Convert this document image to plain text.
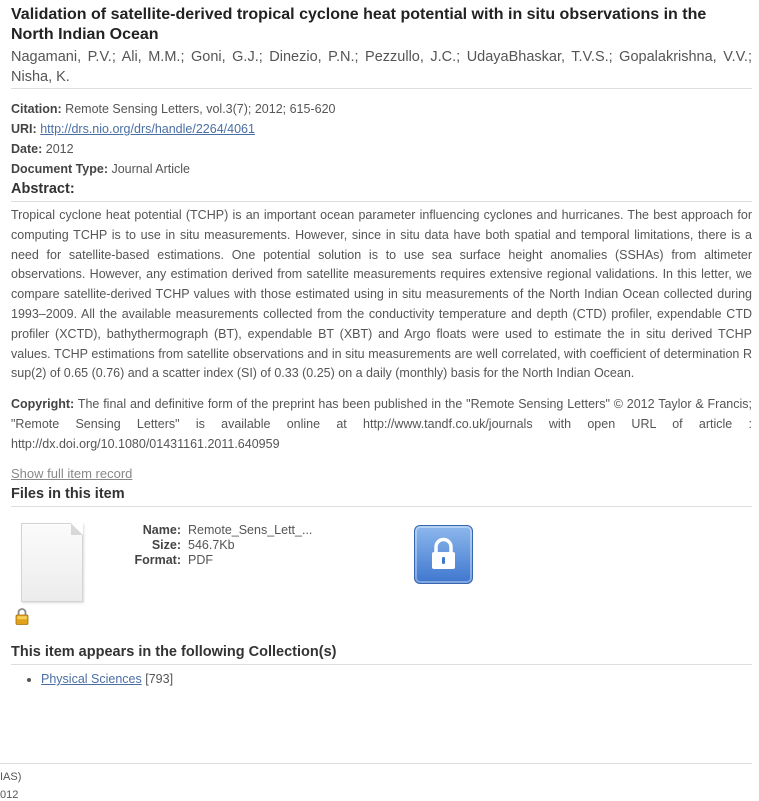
Validation of satellite-derived tropical cyclone heat potential with in situ observations in the North Indian Ocean
Nagamani, P.V.; Ali, M.M.; Goni, G.J.; Dinezio, P.N.; Pezzullo, J.C.; UdayaBhaskar, T.V.S.; Gopalakrishna, V.V.; Nisha, K.
Citation: Remote Sensing Letters, vol.3(7); 2012; 615-620
URI: http://drs.nio.org/drs/handle/2264/4061
Date: 2012
Document Type: Journal Article
Abstract:
Tropical cyclone heat potential (TCHP) is an important ocean parameter influencing cyclones and hurricanes. The best approach for computing TCHP is to use in situ measurements. However, since in situ data have both spatial and temporal limitations, there is a need for satellite-based estimations. One potential solution is to use sea surface height anomalies (SSHAs) from altimeter observations. However, any estimation derived from satellite measurements requires extensive regional validations. In this letter, we compare satellite-derived TCHP values with those estimated using in situ measurements of the North Indian Ocean collected during 1993–2009. All the available measurements collected from the conductivity temperature and depth (CTD) profiler, expendable CTD profiler (XCTD), bathythermograph (BT), expendable BT (XBT) and Argo floats were used to estimate the in situ derived TCHP values. TCHP estimations from satellite observations and in situ measurements are well correlated, with coefficient of determination R sup(2) of 0.65 (0.76) and a scatter index (SI) of 0.33 (0.25) on a daily (monthly) basis for the North Indian Ocean.
Copyright: The final and definitive form of the preprint has been published in the "Remote Sensing Letters" © 2012 Taylor & Francis; "Remote Sensing Letters" is available online at http://www.tandf.co.uk/journals with open URL of article : http://dx.doi.org/10.1080/01431161.2011.640959
Show full item record
Files in this item
Name: Remote_Sens_Lett_...
Size: 546.7Kb
Format: PDF
This item appears in the following Collection(s)
• Physical Sciences [793]
IAS)
012
